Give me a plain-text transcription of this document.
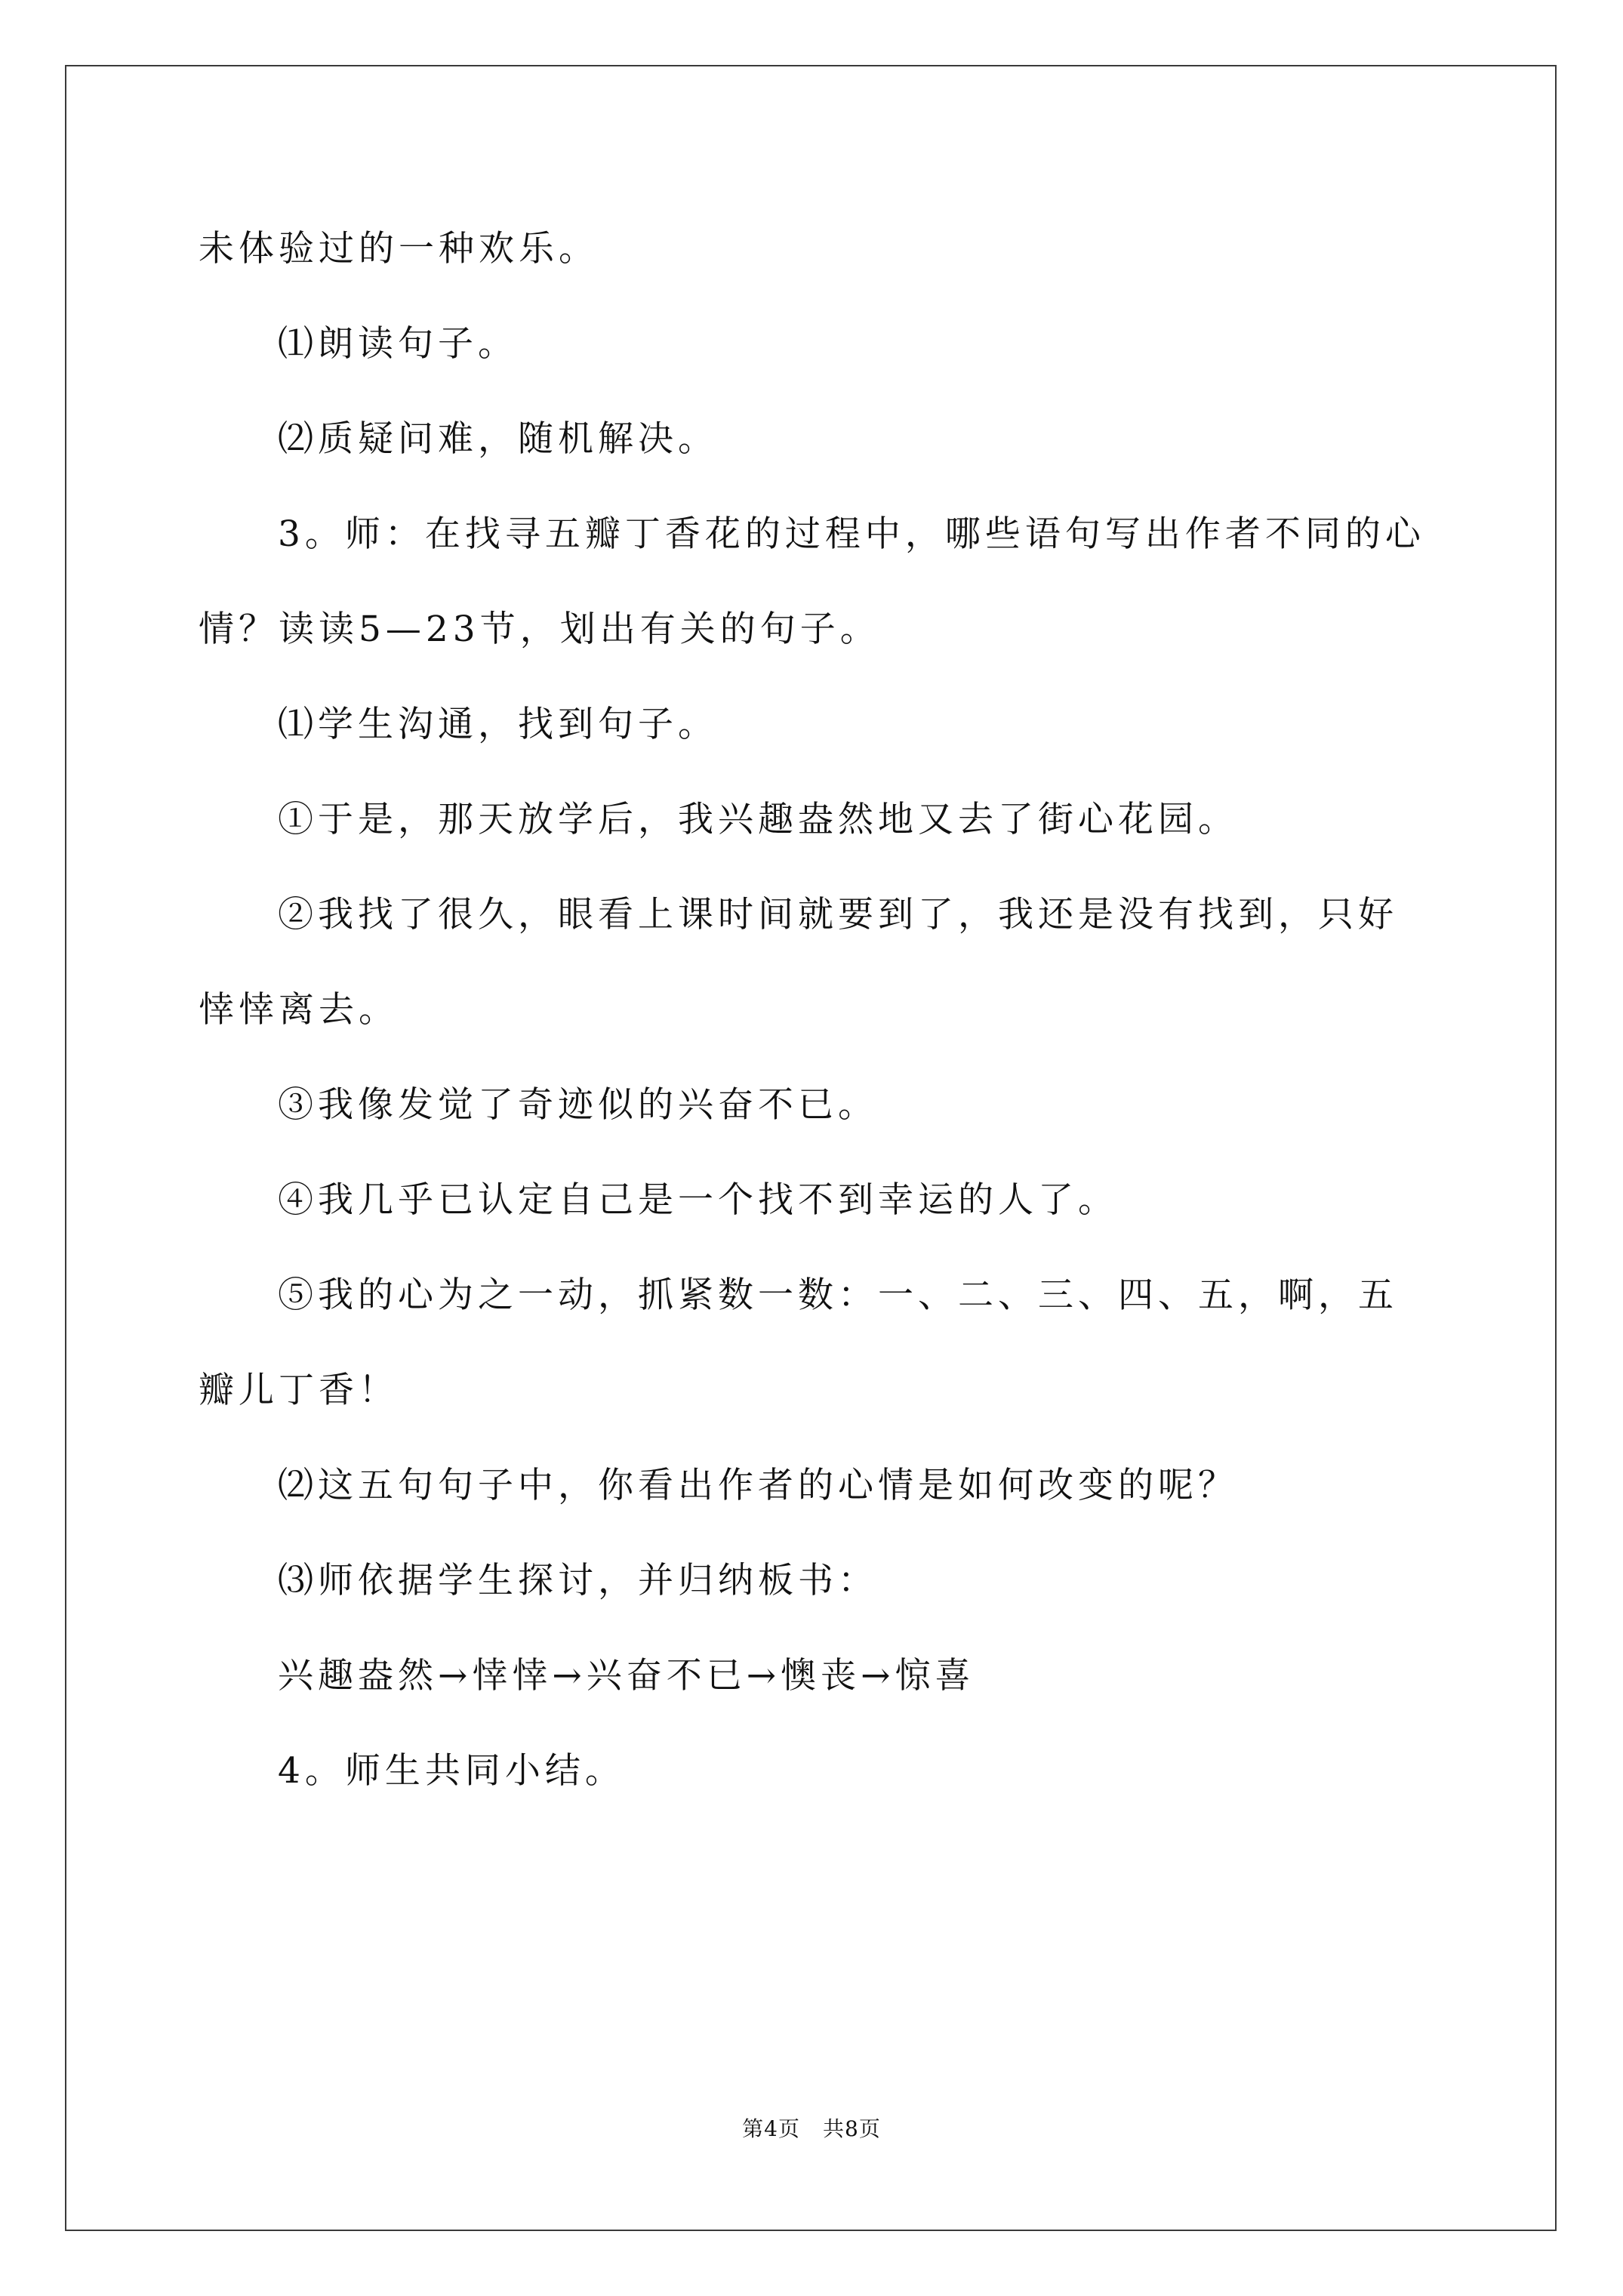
未体验过的一种欢乐。
⑴朗读句子。
⑵质疑问难，随机解决。
3。师：在找寻五瓣丁香花的过程中，哪些语句写出作者不同的心
情？读读5—23节，划出有关的句子。
⑴学生沟通，找到句子。
①于是，那天放学后，我兴趣盎然地又去了街心花园。
②我找了很久，眼看上课时间就要到了，我还是没有找到，只好
悻悻离去。
③我像发觉了奇迹似的兴奋不已。
④我几乎已认定自己是一个找不到幸运的人了。
⑤我的心为之一动，抓紧数一数：一、二、三、四、五，啊，五
瓣儿丁香！
⑵这五句句子中，你看出作者的心情是如何改变的呢？
⑶师依据学生探讨，并归纳板书：
兴趣盎然→悻悻→兴奋不已→懊丧→惊喜
4。师生共同小结。
第4页 共8页
